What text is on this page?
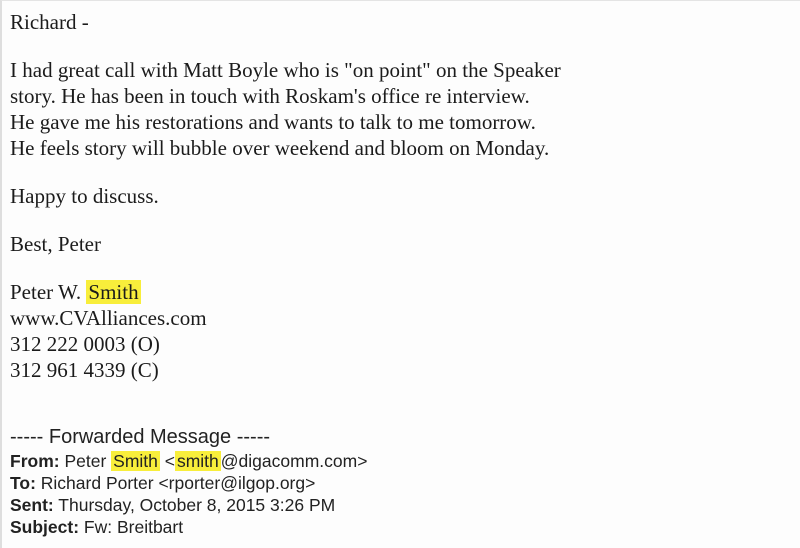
Richard -
I had great call with Matt Boyle who is "on point" on the Speaker
story. He has been in touch with Roskam's office re interview.
He gave me his restorations and wants to talk to me tomorrow.
He feels story will bubble over weekend and bloom on Monday.
Happy to discuss.
Best, Peter
Peter W. Smith
www.CVAlliances.com
312 222 0003 (O)
312 961 4339 (C)
----- Forwarded Message -----
From: Peter Smith < smith @digacomm.com>
To: Richard Porter <rporter@ilgop.org>
Sent: Thursday, October 8, 2015 3:26 PM
Subject: Fw: Breitbart
